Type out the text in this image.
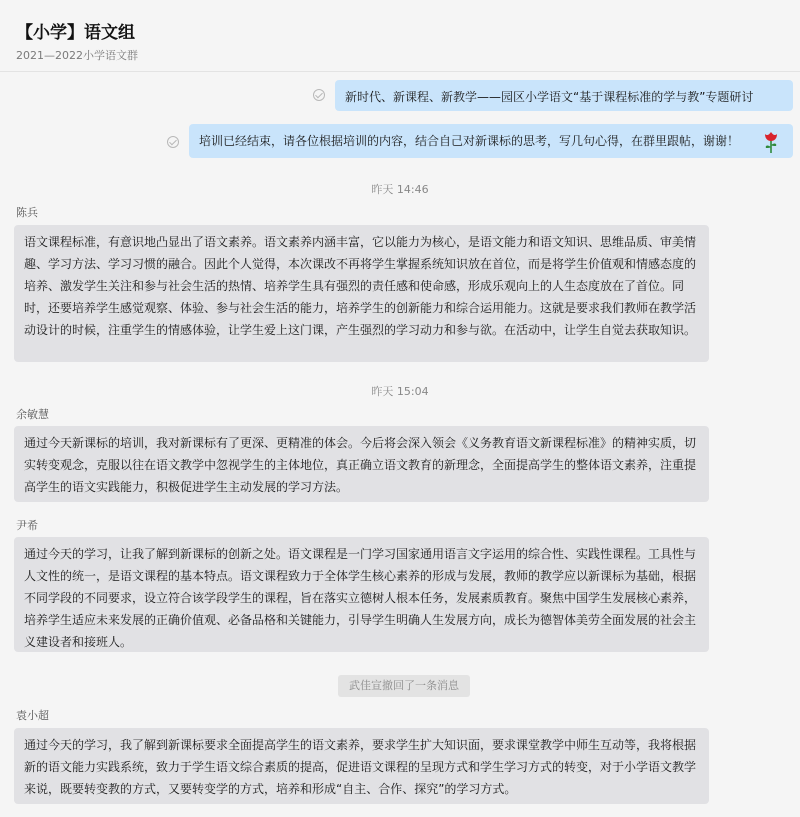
【小学】语文组
2021—2022小学语文群
新时代、新课程、新教学——园区小学语文“基于课程标准的学与教”专题研讨
培训已经结束，请各位根据培训的内容，结合自己对新课标的思考，写几句心得，在群里跟帖，谢谢！
昨天 14:46
陈兵
语文课程标准，有意识地凸显出了语文素养。语文素养内涵丰富，它以能力为核心，是语文能力和语文知识、思维品质、审美情趣、学习方法、学习习惯的融合。因此个人觉得，本次课改不再将学生掌握系统知识放在首位，而是将学生价值观和情感态度的培养、激发学生关注和参与社会生活的热情、培养学生具有强烈的责任感和使命感，形成乐观向上的人生态度放在了首位。同时，还要培养学生感觉观察、体验、参与社会生活的能力，培养学生的创新能力和综合运用能力。这就是要求我们教师在教学活动设计的时候，注重学生的情感体验，让学生爱上这门课，产生强烈的学习动力和参与欲。在活动中，让学生自觉去获取知识。
昨天 15:04
余敏慧
通过今天新课标的培训，我对新课标有了更深、更精准的体会。今后将会深入领会《义务教育语文新课程标准》的精神实质，切实转变观念，克服以往在语文教学中忽视学生的主体地位，真正确立语文教育的新理念，全面提高学生的整体语文素养，注重提高学生的语文实践能力，积极促进学生主动发展的学习方法。
尹希
通过今天的学习，让我了解到新课标的创新之处。语文课程是一门学习国家通用语言文字运用的综合性、实践性课程。工具性与人文性的统一，是语文课程的基本特点。语文课程致力于全体学生核心素养的形成与发展，教师的教学应以新课标为基础，根据不同学段的不同要求，设立符合该学段学生的课程，旨在落实立德树人根本任务，发展素质教育。聚焦中国学生发展核心素养，培养学生适应未来发展的正确价值观、必备品格和关键能力，引导学生明确人生发展方向，成长为德智体美劳全面发展的社会主义建设者和接班人。
武佳宣撤回了一条消息
袁小超
通过今天的学习，我了解到新课标要求全面提高学生的语文素养，要求学生扩大知识面，要求课堂教学中师生互动等，我将根据新的语文能力实践系统，致力于学生语文综合素质的提高，促进语文课程的呈现方式和学生学习方式的转变，对于小学语文教学来说，既要转变教的方式，又要转变学的方式，培养和形成“自主、合作、探究”的学习方式。
